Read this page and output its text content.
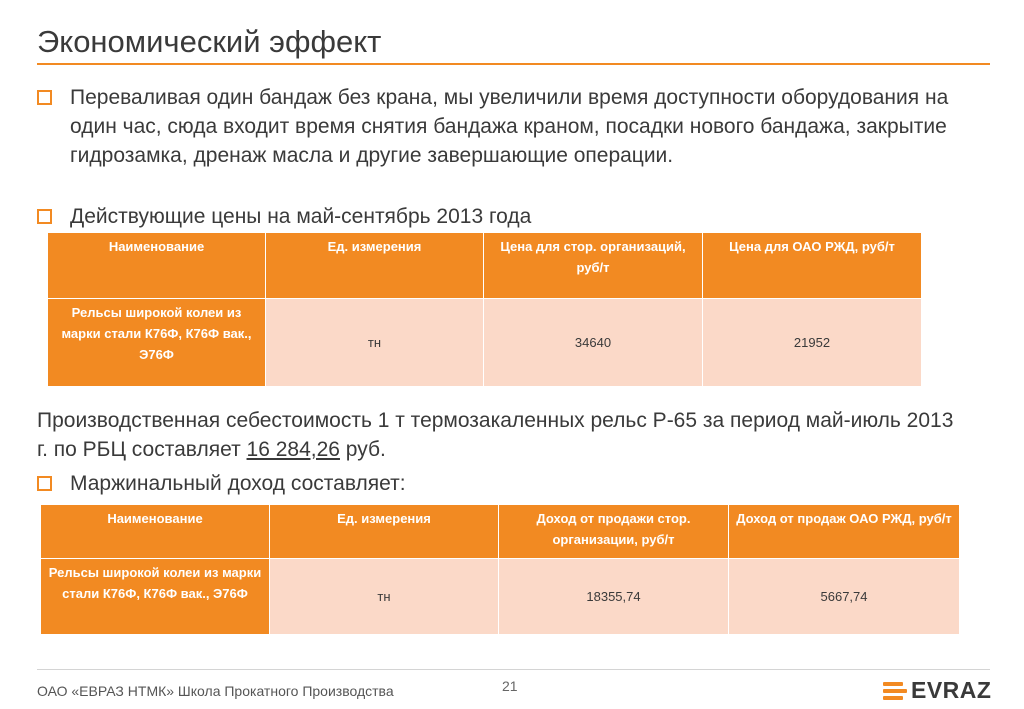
Экономический эффект
Переваливая один бандаж без крана, мы увеличили время доступности оборудования на один час, сюда входит время снятия бандажа краном, посадки нового бандажа, закрытие гидрозамка, дренаж масла и другие завершающие операции.
Действующие цены на май-сентябрь 2013 года
Наименование	Ед. измерения	Цена для стор. организаций, руб/т	Цена для ОАО РЖД, руб/т
Рельсы широкой колеи из марки стали К76Ф, К76Ф вак., Э76Ф	тн	34640	21952
Производственная себестоимость 1 т термозакаленных рельс Р-65 за период май-июль 2013 г. по РБЦ составляет 16 284,26 руб.
Маржинальный доход составляет:
Наименование	Ед. измерения	Доход от продажи стор. организации, руб/т	Доход от продаж ОАО РЖД, руб/т
Рельсы широкой колеи из марки стали К76Ф, К76Ф вак., Э76Ф	тн	18355,74	5667,74
ОАО «ЕВРАЗ НТМК» Школа Прокатного Производства	21	EVRAZ
